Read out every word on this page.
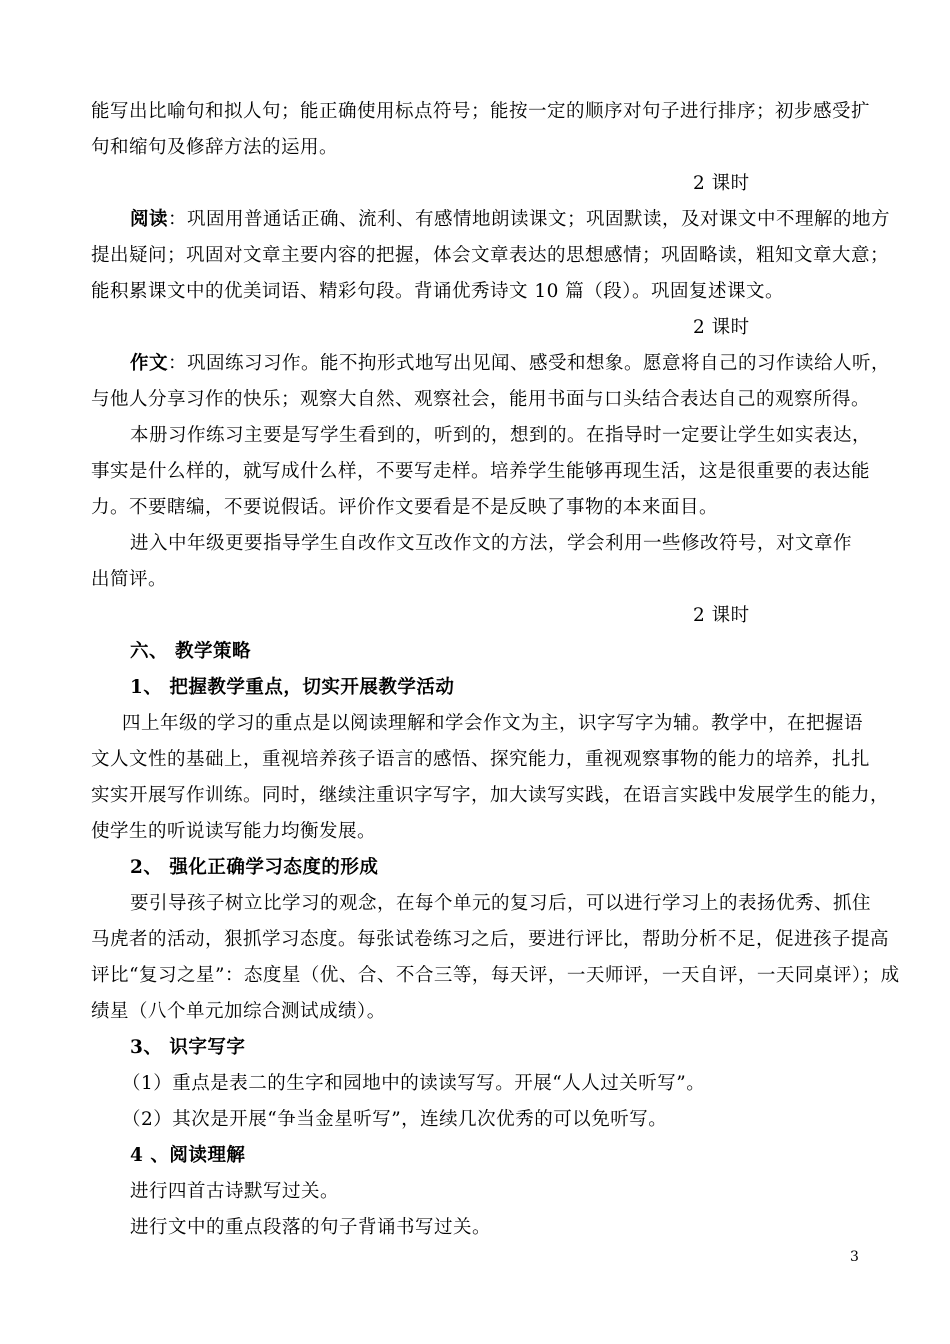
能写出比喻句和拟人句；能正确使用标点符号；能按一定的顺序对句子进行排序；初步感受扩
句和缩句及修辞方法的运用。
2 课时
阅读：巩固用普通话正确、流利、有感情地朗读课文；巩固默读，及对课文中不理解的地方
提出疑问；巩固对文章主要内容的把握，体会文章表达的思想感情；巩固略读，粗知文章大意；
能积累课文中的优美词语、精彩句段。背诵优秀诗文 10 篇（段）。巩固复述课文。
2 课时
作文：巩固练习习作。能不拘形式地写出见闻、感受和想象。愿意将自己的习作读给人听，
与他人分享习作的快乐；观察大自然、观察社会，能用书面与口头结合表达自己的观察所得。
本册习作练习主要是写学生看到的，听到的，想到的。在指导时一定要让学生如实表达，
事实是什么样的，就写成什么样，不要写走样。培养学生能够再现生活，这是很重要的表达能
力。不要瞎编，不要说假话。评价作文要看是不是反映了事物的本来面目。
进入中年级更要指导学生自改作文互改作文的方法，学会利用一些修改符号，对文章作
出简评。
2 课时
六、 教学策略
1、 把握教学重点，切实开展教学活动
四上年级的学习的重点是以阅读理解和学会作文为主，识字写字为辅。教学中，在把握语
文人文性的基础上，重视培养孩子语言的感悟、探究能力，重视观察事物的能力的培养，扎扎
实实开展写作训练。同时，继续注重识字写字，加大读写实践，在语言实践中发展学生的能力，
使学生的听说读写能力均衡发展。
2、 强化正确学习态度的形成
要引导孩子树立比学习的观念，在每个单元的复习后，可以进行学习上的表扬优秀、抓住
马虎者的活动，狠抓学习态度。每张试卷练习之后，要进行评比，帮助分析不足，促进孩子提高
评比“复习之星”：态度星（优、合、不合三等，每天评，一天师评，一天自评，一天同桌评）；成
绩星（八个单元加综合测试成绩）。
3、 识字写字
（1）重点是表二的生字和园地中的读读写写。开展“人人过关听写”。
（2）其次是开展“争当金星听写”，连续几次优秀的可以免听写。
4 、阅读理解
进行四首古诗默写过关。
进行文中的重点段落的句子背诵书写过关。
3
